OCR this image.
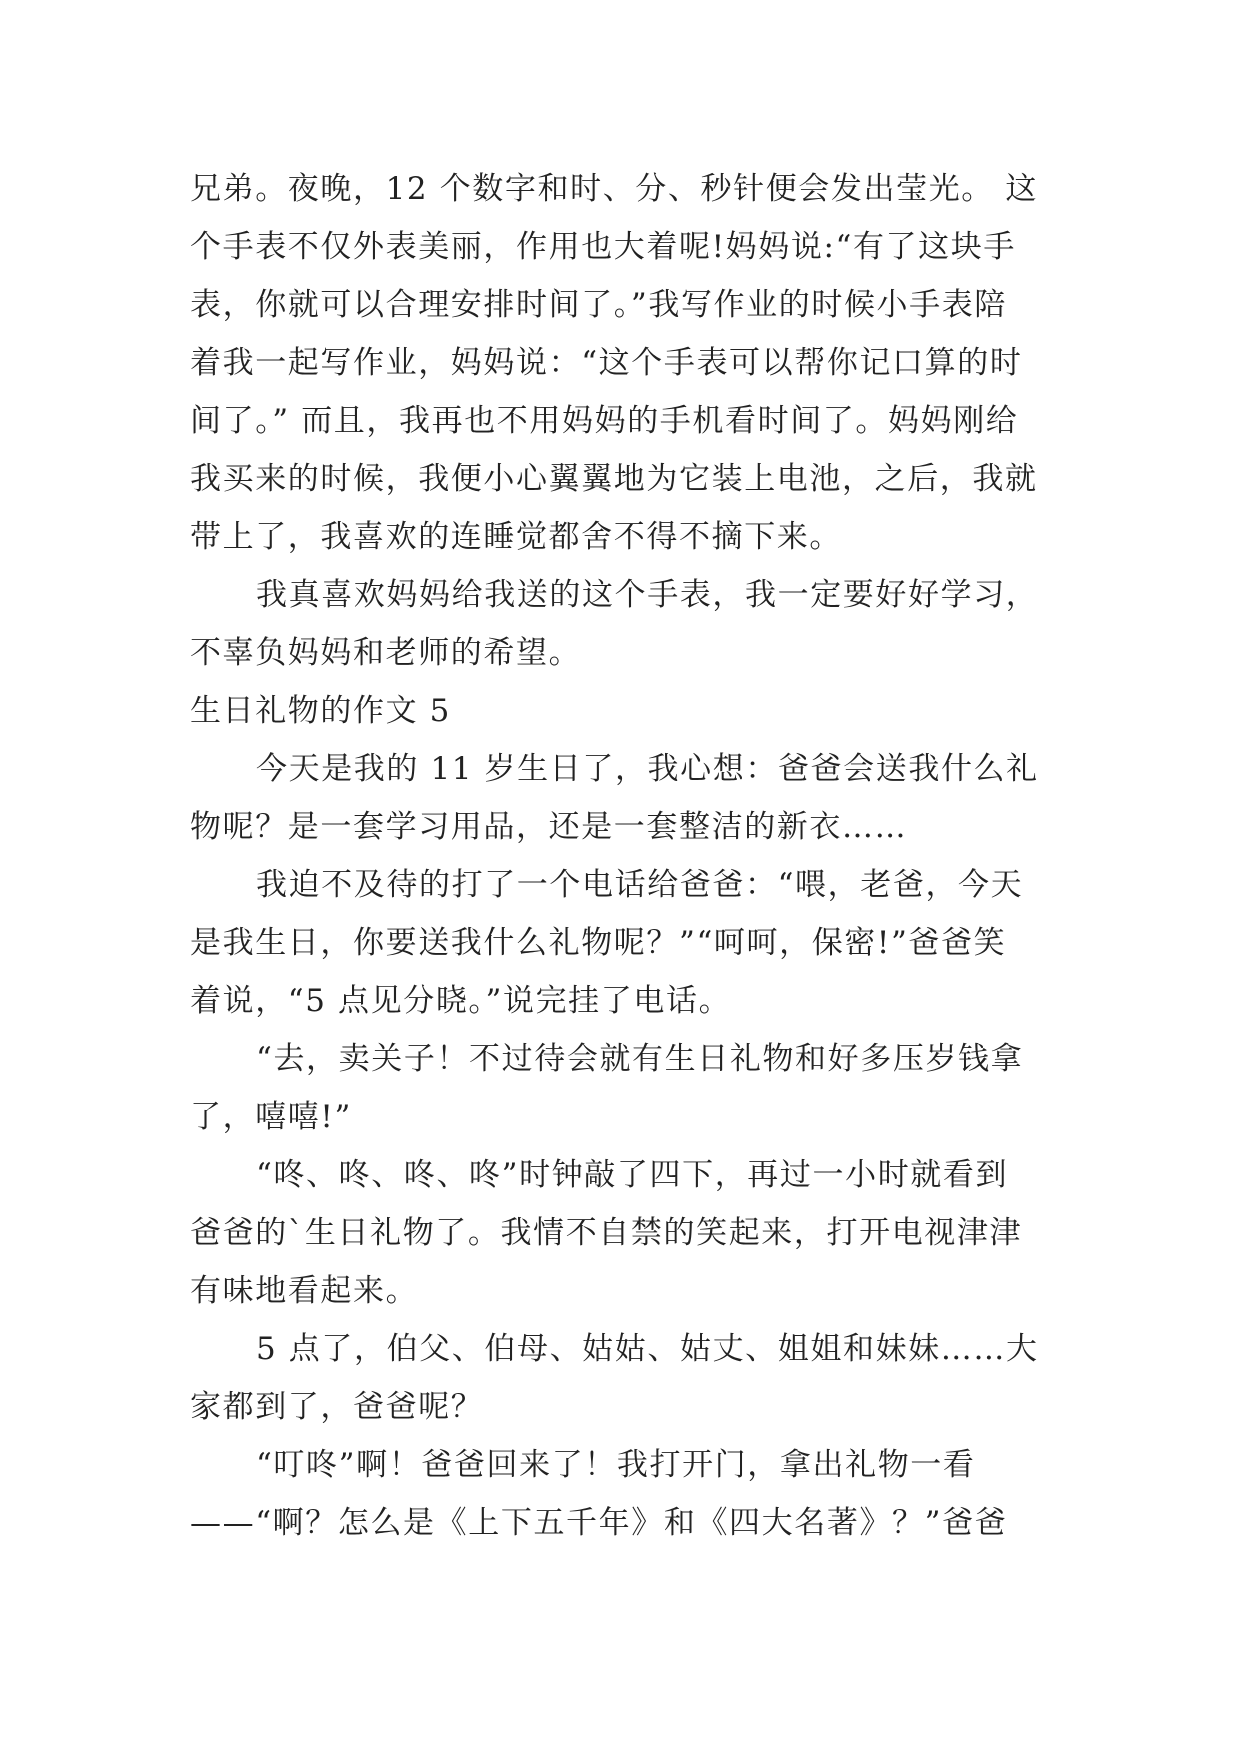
兄弟。夜晚，12 个数字和时、分、秒针便会发出莹光。 这
个手表不仅外表美丽，作用也大着呢!妈妈说:“有了这块手
表，你就可以合理安排时间了。”我写作业的时候小手表陪
着我一起写作业，妈妈说：“这个手表可以帮你记口算的时
间了。” 而且，我再也不用妈妈的手机看时间了。妈妈刚给
我买来的时候，我便小心翼翼地为它装上电池，之后，我就
带上了，我喜欢的连睡觉都舍不得不摘下来。
我真喜欢妈妈给我送的这个手表，我一定要好好学习，
不辜负妈妈和老师的希望。
生日礼物的作文 5
今天是我的 11 岁生日了，我心想：爸爸会送我什么礼
物呢？是一套学习用品，还是一套整洁的新衣……
我迫不及待的打了一个电话给爸爸：“喂，老爸，今天
是我生日，你要送我什么礼物呢？”“呵呵，保密!”爸爸笑
着说，“5 点见分晓。”说完挂了电话。
“去，卖关子！不过待会就有生日礼物和好多压岁钱拿
了，嘻嘻!”
“咚、咚、咚、咚”时钟敲了四下，再过一小时就看到
爸爸的`生日礼物了。我情不自禁的笑起来，打开电视津津
有味地看起来。
5 点了，伯父、伯母、姑姑、姑丈、姐姐和妹妹……大
家都到了，爸爸呢？
“叮咚”啊！爸爸回来了！我打开门，拿出礼物一看
——“啊？怎么是《上下五千年》和《四大名著》？”爸爸
